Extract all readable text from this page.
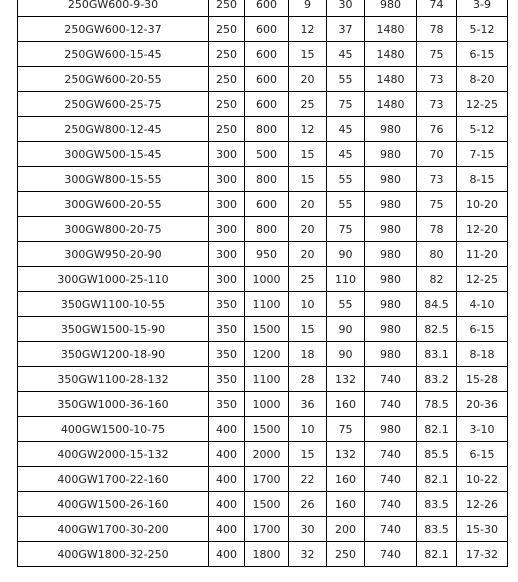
250GW600-9-30	250	600	9	30	980	74	3-9
250GW600-12-37	250	600	12	37	1480	78	5-12
250GW600-15-45	250	600	15	45	1480	75	6-15
250GW600-20-55	250	600	20	55	1480	73	8-20
250GW600-25-75	250	600	25	75	1480	73	12-25
250GW800-12-45	250	800	12	45	980	76	5-12
300GW500-15-45	300	500	15	45	980	70	7-15
300GW800-15-55	300	800	15	55	980	73	8-15
300GW600-20-55	300	600	20	55	980	75	10-20
300GW800-20-75	300	800	20	75	980	78	12-20
300GW950-20-90	300	950	20	90	980	80	11-20
300GW1000-25-110	300	1000	25	110	980	82	12-25
350GW1100-10-55	350	1100	10	55	980	84.5	4-10
350GW1500-15-90	350	1500	15	90	980	82.5	6-15
350GW1200-18-90	350	1200	18	90	980	83.1	8-18
350GW1100-28-132	350	1100	28	132	740	83.2	15-28
350GW1000-36-160	350	1000	36	160	740	78.5	20-36
400GW1500-10-75	400	1500	10	75	980	82.1	3-10
400GW2000-15-132	400	2000	15	132	740	85.5	6-15
400GW1700-22-160	400	1700	22	160	740	82.1	10-22
400GW1500-26-160	400	1500	26	160	740	83.5	12-26
400GW1700-30-200	400	1700	30	200	740	83.5	15-30
400GW1800-32-250	400	1800	32	250	740	82.1	17-32
